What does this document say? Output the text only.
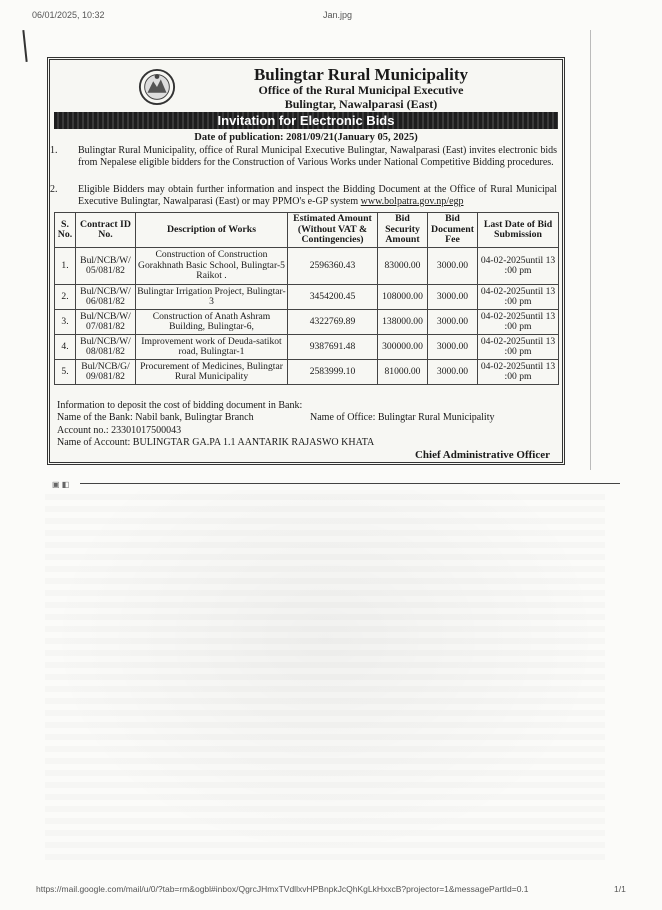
06/01/2025, 10:32	Jan.jpg
Bulingtar Rural Municipality
Office of the Rural Municipal Executive
Bulingtar, Nawalparasi (East)
Invitation for Electronic Bids
Date of publication: 2081/09/21(January 05, 2025)
1. Bulingtar Rural Municipality, office of Rural Municipal Executive Bulingtar, Nawalparasi (East) invites electronic bids from Nepalese eligible bidders for the Construction of Various Works under National Competitive Bidding procedures.
2. Eligible Bidders may obtain further information and inspect the Bidding Document at the Office of Rural Municipal Executive Bulingtar, Nawalparasi (East) or may PPMO's e-GP system www.bolpatra.gov.np/egp
S. No.	Contract ID No.	Description of Works	Estimated Amount (Without VAT & Contingencies)	Bid Security Amount	Bid Document Fee	Last Date of Bid Submission
1.	Bul/NCB/W/ 05/081/82	Construction of Construction Gorakhnath Basic School, Bulingtar-5 Raikot .	2596360.43	83000.00	3000.00	04-02-2025until 13 :00 pm
2.	Bul/NCB/W/ 06/081/82	Bulingtar Irrigation Project, Bulingtar-3	3454200.45	108000.00	3000.00	04-02-2025until 13 :00 pm
3.	Bul/NCB/W/ 07/081/82	Construction of Anath Ashram Building, Bulingtar-6,	4322769.89	138000.00	3000.00	04-02-2025until 13 :00 pm
4.	Bul/NCB/W/ 08/081/82	Improvement work of Deuda-satikot road, Bulingtar-1	9387691.48	300000.00	3000.00	04-02-2025until 13 :00 pm
5.	Bul/NCB/G/ 09/081/82	Procurement of Medicines, Bulingtar Rural Municipality	2583999.10	81000.00	3000.00	04-02-2025until 13 :00 pm
Information to deposit the cost of bidding document in Bank:
Name of the Bank: Nabil bank, Bulingtar Branch	Name of Office: Bulingtar Rural Municipality
Account no.: 23301017500043
Name of Account: BULINGTAR GA.PA 1.1 AANTARIK RAJASWO KHATA
Chief Administrative Officer
▣ ◧
https://mail.google.com/mail/u/0/?tab=rm&ogbl#inbox/QgrcJHmxTVdllxvHPBnpkJcQhKgLkHxxcB?projector=1&messagePartId=0.1	1/1
